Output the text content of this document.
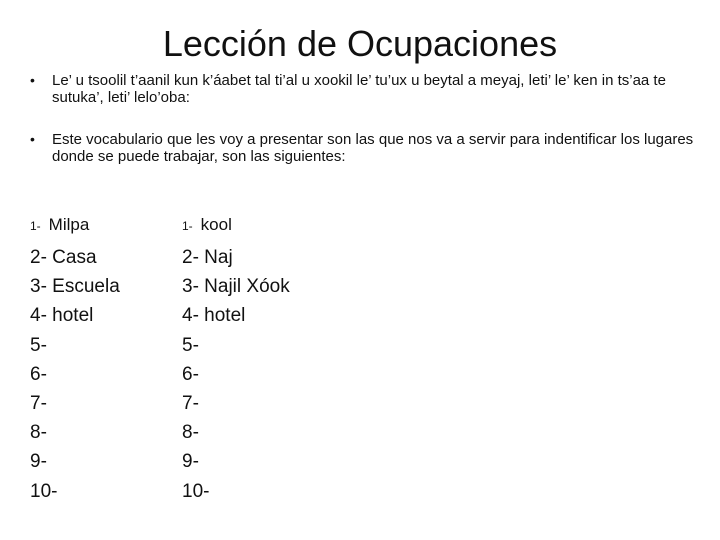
Lección de Ocupaciones
•	Le’ u tsoolil t’aanil kun k’áabet tal ti’al u xookil le’ tu’ux u beytal a meyaj, leti’ le’ ken in ts’aa te sutuka’, leti’ lelo’oba:
•	Este vocabulario que les voy a presentar son las que nos va a servir para indentificar los lugares donde se puede trabajar, son las siguientes:
1- Milpa
2- Casa
3- Escuela
4- hotel
5-
6-
7-
8-
9-
10-
1- kool
2- Naj
3- Najil Xóok
4- hotel
5-
6-
7-
8-
9-
10-
